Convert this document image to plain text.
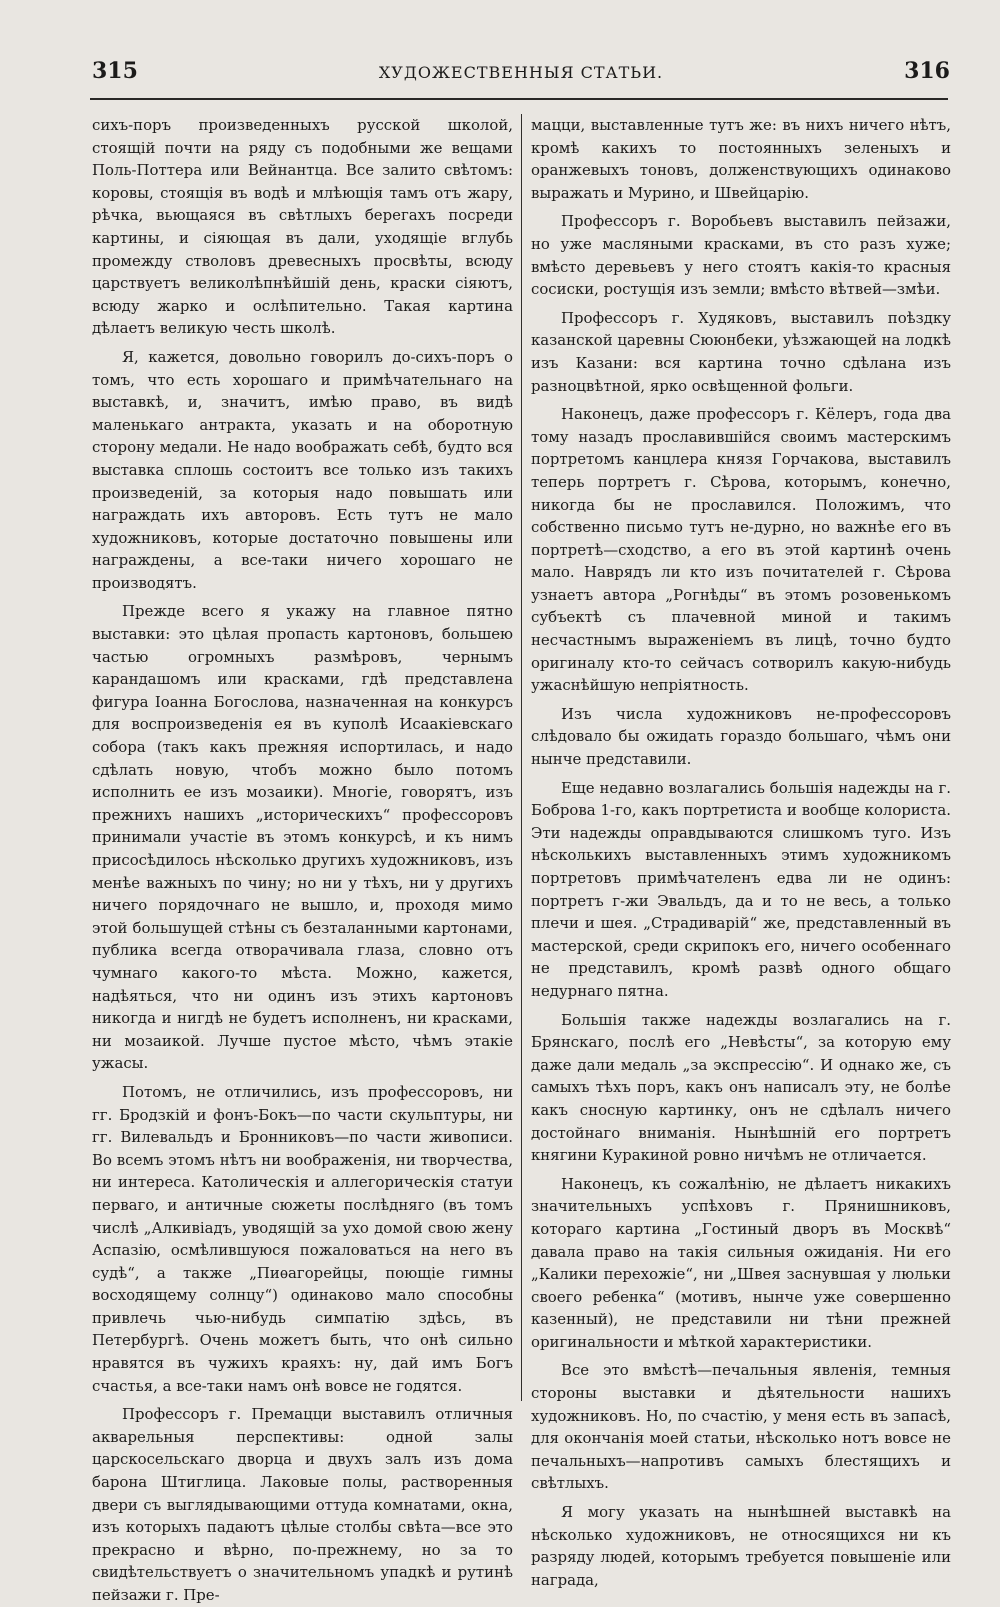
315	ХУДОЖЕСТВЕННЫЯ СТАТЬИ.	316

сихъ-поръ произведенныхъ русской школой, стоящій почти на ряду съ подобными же вещами Поль-Поттера или Вейнантца. Все залито свѣтомъ: коровы, стоящія въ водѣ и млѣющія тамъ отъ жару, рѣчка, вьющаяся въ свѣтлыхъ берегахъ посреди картины, и сіяющая въ дали, уходящіе вглубь промежду стволовъ древесныхъ просвѣты, всюду царствуетъ великолѣпнѣйшій день, краски сіяютъ, всюду жарко и ослѣпительно. Такая картина дѣлаетъ великую честь школѣ.

Я, кажется, довольно говорилъ до-сихъ-поръ о томъ, что есть хорошаго и примѣчательнаго на выставкѣ, и, значитъ, имѣю право, въ видѣ маленькаго антракта, указать и на оборотную сторону медали. Не надо воображать себѣ, будто вся выставка сплошь состоитъ все только изъ такихъ произведеній, за которыя надо повышать или награждать ихъ авторовъ. Есть тутъ не мало художниковъ, которые достаточно повышены или награждены, а все-таки ничего хорошаго не производятъ.

Прежде всего я укажу на главное пятно выставки: это цѣлая пропасть картоновъ, большею частью огромныхъ размѣровъ, чернымъ карандашомъ или красками, гдѣ представлена фигура Іоанна Богослова, назначенная на конкурсъ для воспроизведенія ея въ куполѣ Исаакіевскаго собора (такъ какъ прежняя испортилась, и надо сдѣлать новую, чтобъ можно было потомъ исполнить ее изъ мозаики). Многіе, говорятъ, изъ прежнихъ нашихъ „историческихъ“ профессоровъ принимали участіе въ этомъ конкурсѣ, и къ нимъ присосѣдилось нѣсколько другихъ художниковъ, изъ менѣе важныхъ по чину; но ни у тѣхъ, ни у другихъ ничего порядочнаго не вышло, и, проходя мимо этой большущей стѣны съ безталанными картонами, публика всегда отворачивала глаза, словно отъ чумнаго какого-то мѣста. Можно, кажется, надѣяться, что ни одинъ изъ этихъ картоновъ никогда и нигдѣ не будетъ исполненъ, ни красками, ни мозаикой. Лучше пустое мѣсто, чѣмъ этакіе ужасы.

Потомъ, не отличились, изъ профессоровъ, ни гг. Бродзкій и фонъ-Бокъ—по части скульптуры, ни гг. Вилевальдъ и Бронниковъ—по части живописи. Во всемъ этомъ нѣтъ ни воображенія, ни творчества, ни интереса. Католическія и аллегорическія статуи перваго, и античные сюжеты послѣдняго (въ томъ числѣ „Алкивіадъ, уводящій за ухо домой свою жену Аспазію, осмѣлившуюся пожаловаться на него въ судѣ“, а также „Пиѳагорейцы, поющіе гимны восходящему солнцу“) одинаково мало способны привлечь чью-нибудь симпатію здѣсь, въ Петербургѣ. Очень можетъ быть, что онѣ сильно нравятся въ чужихъ краяхъ: ну, дай имъ Богъ счастья, а все-таки намъ онѣ вовсе не годятся.

Профессоръ г. Премацци выставилъ отличныя акварельныя перспективы: одной залы царскосельскаго дворца и двухъ залъ изъ дома барона Штиглица. Лаковые полы, растворенныя двери съ выглядывающими оттуда комнатами, окна, изъ которыхъ падаютъ цѣлые столбы свѣта—все это прекрасно и вѣрно, по-прежнему, но за то свидѣтельствуетъ о значительномъ упадкѣ и рутинѣ пейзажи г. Пре-

мацци, выставленные тутъ же: въ нихъ ничего нѣтъ, кромѣ какихъ то постоянныхъ зеленыхъ и оранжевыхъ тоновъ, долженствующихъ одинаково выражать и Мурино, и Швейцарію.

Профессоръ г. Воробьевъ выставилъ пейзажи, но уже масляными красками, въ сто разъ хуже; вмѣсто деревьевъ у него стоятъ какія-то красныя сосиски, ростущія изъ земли; вмѣсто вѣтвей—змѣи.

Профессоръ г. Худяковъ, выставилъ поѣздку казанской царевны Сююнбеки, уѣзжающей на лодкѣ изъ Казани: вся картина точно сдѣлана изъ разноцвѣтной, ярко освѣщенной фольги.

Наконецъ, даже профессоръ г. Кёлеръ, года два тому назадъ прославившійся своимъ мастерскимъ портретомъ канцлера князя Горчакова, выставилъ теперь портретъ г. Сѣрова, которымъ, конечно, никогда бы не прославился. Положимъ, что собственно письмо тутъ не-дурно, но важнѣе его въ портретѣ—сходство, а его въ этой картинѣ очень мало. Наврядъ ли кто изъ почитателей г. Сѣрова узнаетъ автора „Рогнѣды“ въ этомъ розовенькомъ субъектѣ съ плачевной миной и такимъ несчастнымъ выраженіемъ въ лицѣ, точно будто оригиналу кто-то сейчасъ сотворилъ какую-нибудь ужаснѣйшую непріятность.

Изъ числа художниковъ не-профессоровъ слѣдовало бы ожидать гораздо большаго, чѣмъ они нынче представили.

Еще недавно возлагались большія надежды на г. Боброва 1-го, какъ портретиста и вообще колориста. Эти надежды оправдываются слишкомъ туго. Изъ нѣсколькихъ выставленныхъ этимъ художникомъ портретовъ примѣчателенъ едва ли не одинъ: портретъ г-жи Эвальдъ, да и то не весь, а только плечи и шея. „Страдиварій“ же, представленный въ мастерской, среди скрипокъ его, ничего особеннаго не представилъ, кромѣ развѣ одного общаго недурнаго пятна.

Большія также надежды возлагались на г. Брянскаго, послѣ его „Невѣсты“, за которую ему даже дали медаль „за экспрессію“. И однако же, съ самыхъ тѣхъ поръ, какъ онъ написалъ эту, не болѣе какъ сносную картинку, онъ не сдѣлалъ ничего достойнаго вниманія. Нынѣшній его портретъ княгини Куракиной ровно ничѣмъ не отличается.

Наконецъ, къ сожалѣнію, не дѣлаетъ никакихъ значительныхъ успѣховъ г. Прянишниковъ, котораго картина „Гостиный дворъ въ Москвѣ“ давала право на такія сильныя ожиданія. Ни его „Калики перехожіе“, ни „Швея заснувшая у люльки своего ребенка“ (мотивъ, нынче уже совершенно казенный), не представили ни тѣни прежней оригинальности и мѣткой характеристики.

Все это вмѣстѣ—печальныя явленія, темныя стороны выставки и дѣятельности нашихъ художниковъ. Но, по счастію, у меня есть въ запасѣ, для окончанія моей статьи, нѣсколько нотъ вовсе не печальныхъ—напротивъ самыхъ блестящихъ и свѣтлыхъ.

Я могу указать на нынѣшней выставкѣ на нѣсколько художниковъ, не относящихся ни къ разряду людей, которымъ требуется повышеніе или награда,
